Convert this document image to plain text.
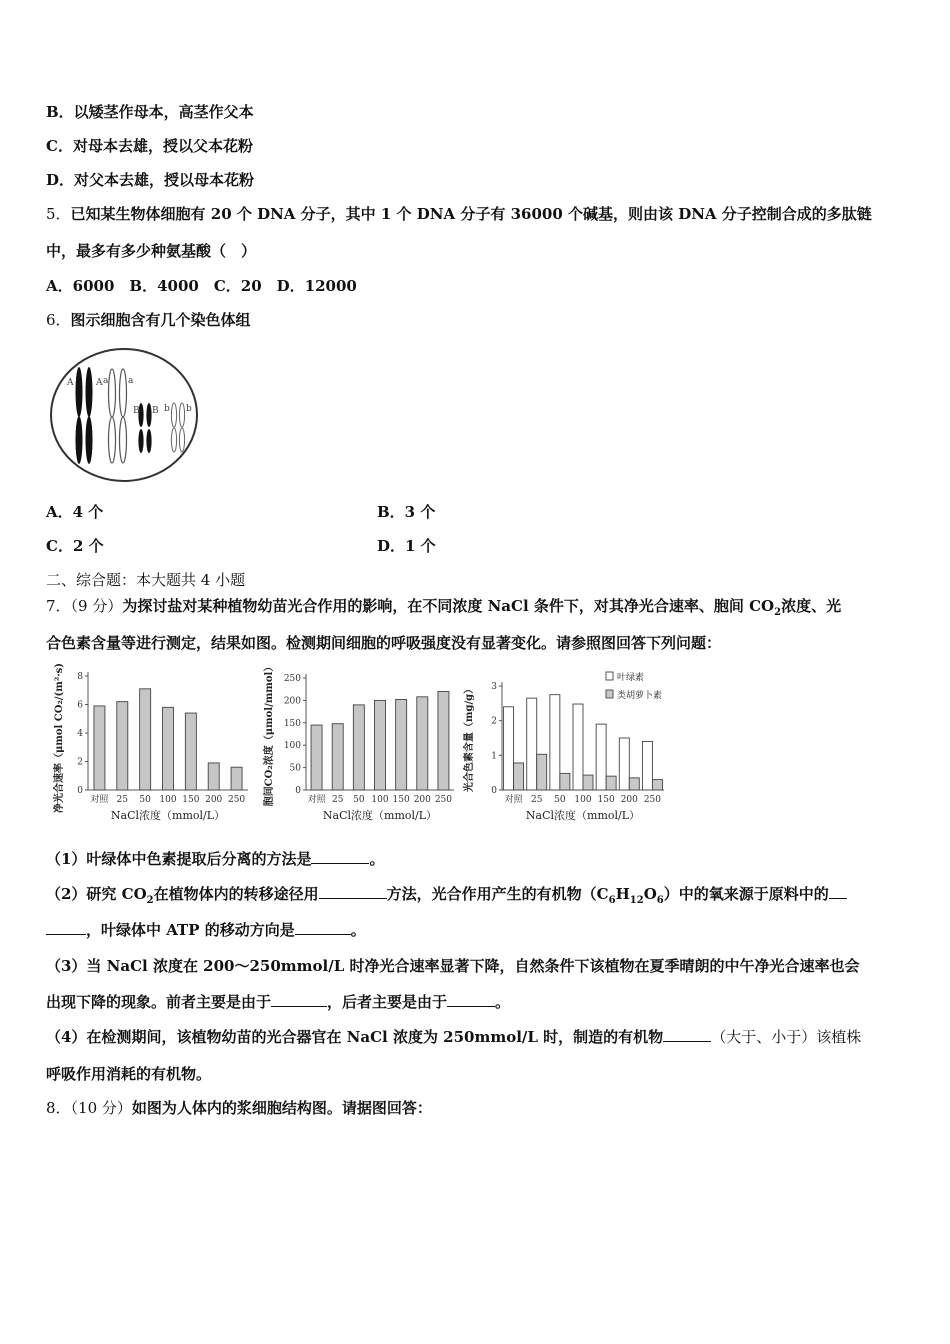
B．以矮茎作母本，高茎作父本
C．对母本去雄，授以父本花粉
D．对父本去雄，授以母本花粉
5．已知某生物体细胞有 20 个 DNA 分子，其中 1 个 DNA 分子有 36000 个碱基，则由该 DNA 分子控制合成的多肽链
中，最多有多少种氨基酸（　）
A．6000　B．4000　C．20　D．12000
6．图示细胞含有几个染色体组
A	A a a
B B b b
A．4 个	B．3 个
C．2 个	D．1 个
二、综合题：本大题共 4 小题
7．（9 分）为探讨盐对某种植物幼苗光合作用的影响，在不同浓度 NaCl 条件下，对其净光合速率、胞间 $CO_2$浓度、光
合色素含量等进行测定，结果如图。检测期间细胞的呼吸强度没有显著变化。请参照图回答下列问题：
0
2
4
6
8
对照 25 50 100 150 200 250
NaCl浓度（mmol/L）
净光合速率（μmol CO₂/(m²·s)）	0
50
100
150
200
250
对照 25 50 100 150 200 250
NaCl浓度（mmol/L）
胞间CO₂浓度（μmol/mmol）	0
1
2
3
对照 25 50 100 150 200 250
NaCl浓度（mmol/L）
光合色素含量（mg/g）
叶绿素
类胡萝卜素
（1）叶绿体中色素提取后分离的方法是	。
（2）研究 $CO_2$在植物体内的转移途径用	方法，光合作用产生的有机物$(C_6H_{12}O_6)$中的氧来源于原料中的
，叶绿体中 ATP 的移动方向是	。
（3）当 NaCl 浓度在 200～250mmol/L 时净光合速率显著下降，自然条件下该植物在夏季晴朗的中午净光合速率也会
出现下降的现象。前者主要是由于	，后者主要是由于	。
（4）在检测期间，该植物幼苗的光合器官在 NaCl 浓度为 250mmol/L 时，制造的有机物	（大于、小于）该植株
呼吸作用消耗的有机物。
8．（10 分）如图为人体内的浆细胞结构图。请据图回答：
